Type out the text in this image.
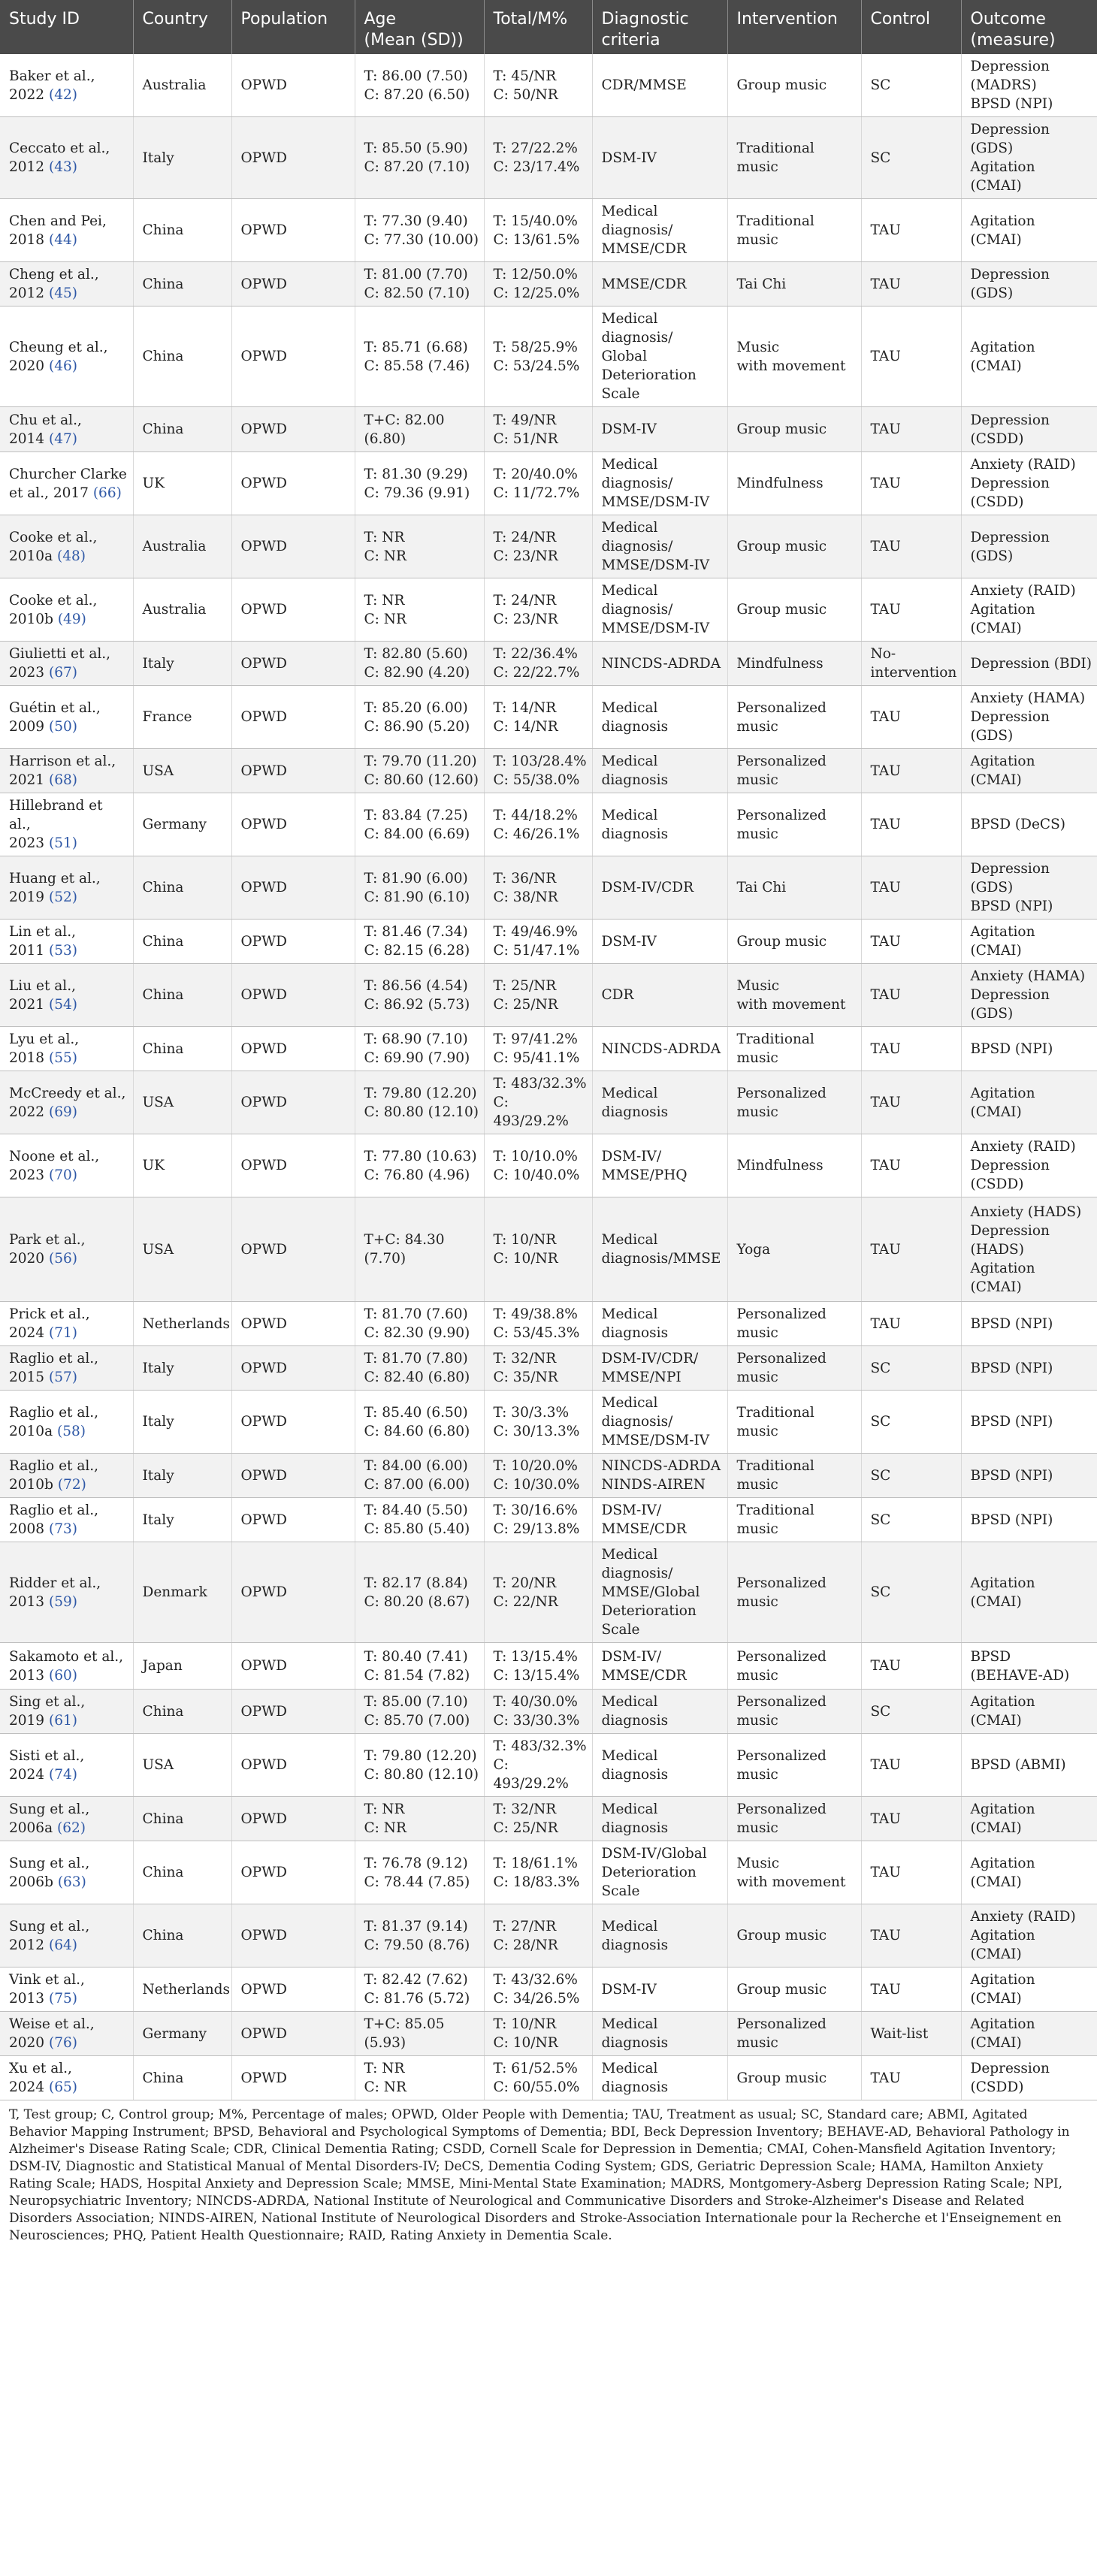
Study ID	Country	Population	Age
(Mean (SD))	Total/M%	Diagnostic
criteria	Intervention	Control	Outcome
(measure)
Baker et al.,
2022 (42)	Australia	OPWD	T: 86.00 (7.50)
C: 87.20 (6.50)	T: 45/NR
C: 50/NR	CDR/MMSE	Group music	SC	Depression
(MADRS)
BPSD (NPI)
Ceccato et al.,
2012 (43)	Italy	OPWD	T: 85.50 (5.90)
C: 87.20 (7.10)	T: 27/22.2%
C: 23/17.4%	DSM-IV	Traditional music	SC	Depression
(GDS)
Agitation
(CMAI)
Chen and Pei,
2018 (44)	China	OPWD	T: 77.30 (9.40)
C: 77.30 (10.00)	T: 15/40.0%
C: 13/61.5%	Medical diagnosis/
MMSE/CDR	Traditional music	TAU	Agitation
(CMAI)
Cheng et al.,
2012 (45)	China	OPWD	T: 81.00 (7.70)
C: 82.50 (7.10)	T: 12/50.0%
C: 12/25.0%	MMSE/CDR	Tai Chi	TAU	Depression
(GDS)
Cheung et al.,
2020 (46)	China	OPWD	T: 85.71 (6.68)
C: 85.58 (7.46)	T: 58/25.9%
C: 53/24.5%	Medical diagnosis/
Global
Deterioration
Scale	Music
with movement	TAU	Agitation
(CMAI)
Chu et al.,
2014 (47)	China	OPWD	T+C: 82.00 (6.80)	T: 49/NR
C: 51/NR	DSM-IV	Group music	TAU	Depression
(CSDD)
Churcher Clarke
et al., 2017 (66)	UK	OPWD	T: 81.30 (9.29)
C: 79.36 (9.91)	T: 20/40.0%
C: 11/72.7%	Medical diagnosis/
MMSE/DSM-IV	Mindfulness	TAU	Anxiety (RAID)
Depression
(CSDD)
Cooke et al.,
2010a (48)	Australia	OPWD	T: NR
C: NR	T: 24/NR
C: 23/NR	Medical diagnosis/
MMSE/DSM-IV	Group music	TAU	Depression
(GDS)
Cooke et al.,
2010b (49)	Australia	OPWD	T: NR
C: NR	T: 24/NR
C: 23/NR	Medical diagnosis/
MMSE/DSM-IV	Group music	TAU	Anxiety (RAID)
Agitation
(CMAI)
Giulietti et al.,
2023 (67)	Italy	OPWD	T: 82.80 (5.60)
C: 82.90 (4.20)	T: 22/36.4%
C: 22/22.7%	NINCDS-ADRDA	Mindfulness	No-
intervention	Depression (BDI)
Guétin et al.,
2009 (50)	France	OPWD	T: 85.20 (6.00)
C: 86.90 (5.20)	T: 14/NR
C: 14/NR	Medical diagnosis	Personalized
music	TAU	Anxiety (HAMA)
Depression
(GDS)
Harrison et al.,
2021 (68)	USA	OPWD	T: 79.70 (11.20)
C: 80.60 (12.60)	T: 103/28.4%
C: 55/38.0%	Medical diagnosis	Personalized
music	TAU	Agitation
(CMAI)
Hillebrand et al.,
2023 (51)	Germany	OPWD	T: 83.84 (7.25)
C: 84.00 (6.69)	T: 44/18.2%
C: 46/26.1%	Medical diagnosis	Personalized
music	TAU	BPSD (DeCS)
Huang et al.,
2019 (52)	China	OPWD	T: 81.90 (6.00)
C: 81.90 (6.10)	T: 36/NR
C: 38/NR	DSM-IV/CDR	Tai Chi	TAU	Depression
(GDS)
BPSD (NPI)
Lin et al.,
2011 (53)	China	OPWD	T: 81.46 (7.34)
C: 82.15 (6.28)	T: 49/46.9%
C: 51/47.1%	DSM-IV	Group music	TAU	Agitation
(CMAI)
Liu et al.,
2021 (54)	China	OPWD	T: 86.56 (4.54)
C: 86.92 (5.73)	T: 25/NR
C: 25/NR	CDR	Music
with movement	TAU	Anxiety (HAMA)
Depression
(GDS)
Lyu et al.,
2018 (55)	China	OPWD	T: 68.90 (7.10)
C: 69.90 (7.90)	T: 97/41.2%
C: 95/41.1%	NINCDS-ADRDA	Traditional music	TAU	BPSD (NPI)
McCreedy et al.,
2022 (69)	USA	OPWD	T: 79.80 (12.20)
C: 80.80 (12.10)	T: 483/32.3%
C: 493/29.2%	Medical diagnosis	Personalized
music	TAU	Agitation
(CMAI)
Noone et al.,
2023 (70)	UK	OPWD	T: 77.80 (10.63)
C: 76.80 (4.96)	T: 10/10.0%
C: 10/40.0%	DSM-IV/
MMSE/PHQ	Mindfulness	TAU	Anxiety (RAID)
Depression
(CSDD)
Park et al.,
2020 (56)	USA	OPWD	T+C: 84.30 (7.70)	T: 10/NR
C: 10/NR	Medical
diagnosis/MMSE	Yoga	TAU	Anxiety (HADS)
Depression
(HADS)
Agitation
(CMAI)
Prick et al.,
2024 (71)	Netherlands	OPWD	T: 81.70 (7.60)
C: 82.30 (9.90)	T: 49/38.8%
C: 53/45.3%	Medical diagnosis	Personalized
music	TAU	BPSD (NPI)
Raglio et al.,
2015 (57)	Italy	OPWD	T: 81.70 (7.80)
C: 82.40 (6.80)	T: 32/NR
C: 35/NR	DSM-IV/CDR/
MMSE/NPI	Personalized
music	SC	BPSD (NPI)
Raglio et al.,
2010a (58)	Italy	OPWD	T: 85.40 (6.50)
C: 84.60 (6.80)	T: 30/3.3%
C: 30/13.3%	Medical diagnosis/
MMSE/DSM-IV	Traditional music	SC	BPSD (NPI)
Raglio et al.,
2010b (72)	Italy	OPWD	T: 84.00 (6.00)
C: 87.00 (6.00)	T: 10/20.0%
C: 10/30.0%	NINCDS-ADRDA
NINDS-AIREN	Traditional music	SC	BPSD (NPI)
Raglio et al.,
2008 (73)	Italy	OPWD	T: 84.40 (5.50)
C: 85.80 (5.40)	T: 30/16.6%
C: 29/13.8%	DSM-IV/
MMSE/CDR	Traditional music	SC	BPSD (NPI)
Ridder et al.,
2013 (59)	Denmark	OPWD	T: 82.17 (8.84)
C: 80.20 (8.67)	T: 20/NR
C: 22/NR	Medical diagnosis/
MMSE/Global
Deterioration
Scale	Personalized
music	SC	Agitation
(CMAI)
Sakamoto et al.,
2013 (60)	Japan	OPWD	T: 80.40 (7.41)
C: 81.54 (7.82)	T: 13/15.4%
C: 13/15.4%	DSM-IV/
MMSE/CDR	Personalized
music	TAU	BPSD
(BEHAVE-AD)
Sing et al.,
2019 (61)	China	OPWD	T: 85.00 (7.10)
C: 85.70 (7.00)	T: 40/30.0%
C: 33/30.3%	Medical diagnosis	Personalized
music	SC	Agitation
(CMAI)
Sisti et al.,
2024 (74)	USA	OPWD	T: 79.80 (12.20)
C: 80.80 (12.10)	T: 483/32.3%
C: 493/29.2%	Medical diagnosis	Personalized
music	TAU	BPSD (ABMI)
Sung et al.,
2006a (62)	China	OPWD	T: NR
C: NR	T: 32/NR
C: 25/NR	Medical diagnosis	Personalized
music	TAU	Agitation
(CMAI)
Sung et al.,
2006b (63)	China	OPWD	T: 76.78 (9.12)
C: 78.44 (7.85)	T: 18/61.1%
C: 18/83.3%	DSM-IV/Global
Deterioration
Scale	Music
with movement	TAU	Agitation
(CMAI)
Sung et al.,
2012 (64)	China	OPWD	T: 81.37 (9.14)
C: 79.50 (8.76)	T: 27/NR
C: 28/NR	Medical diagnosis	Group music	TAU	Anxiety (RAID)
Agitation
(CMAI)
Vink et al.,
2013 (75)	Netherlands	OPWD	T: 82.42 (7.62)
C: 81.76 (5.72)	T: 43/32.6%
C: 34/26.5%	DSM-IV	Group music	TAU	Agitation
(CMAI)
Weise et al.,
2020 (76)	Germany	OPWD	T+C: 85.05 (5.93)	T: 10/NR
C: 10/NR	Medical diagnosis	Personalized
music	Wait-list	Agitation
(CMAI)
Xu et al.,
2024 (65)	China	OPWD	T: NR
C: NR	T: 61/52.5%
C: 60/55.0%	Medical diagnosis	Group music	TAU	Depression
(CSDD)
T, Test group; C, Control group; M%, Percentage of males; OPWD, Older People with Dementia; TAU, Treatment as usual; SC, Standard care; ABMI, Agitated Behavior Mapping Instrument; BPSD, Behavioral and Psychological Symptoms of Dementia; BDI, Beck Depression Inventory; BEHAVE-AD, Behavioral Pathology in Alzheimer's Disease Rating Scale; CDR, Clinical Dementia Rating; CSDD, Cornell Scale for Depression in Dementia; CMAI, Cohen-Mansfield Agitation Inventory; DSM-IV, Diagnostic and Statistical Manual of Mental Disorders-IV; DeCS, Dementia Coding System; GDS, Geriatric Depression Scale; HAMA, Hamilton Anxiety Rating Scale; HADS, Hospital Anxiety and Depression Scale; MMSE, Mini-Mental State Examination; MADRS, Montgomery-Asberg Depression Rating Scale; NPI, Neuropsychiatric Inventory; NINCDS-ADRDA, National Institute of Neurological and Communicative Disorders and Stroke-Alzheimer's Disease and Related Disorders Association; NINDS-AIREN, National Institute of Neurological Disorders and Stroke-Association Internationale pour la Recherche et l'Enseignement en Neurosciences; PHQ, Patient Health Questionnaire; RAID, Rating Anxiety in Dementia Scale.
